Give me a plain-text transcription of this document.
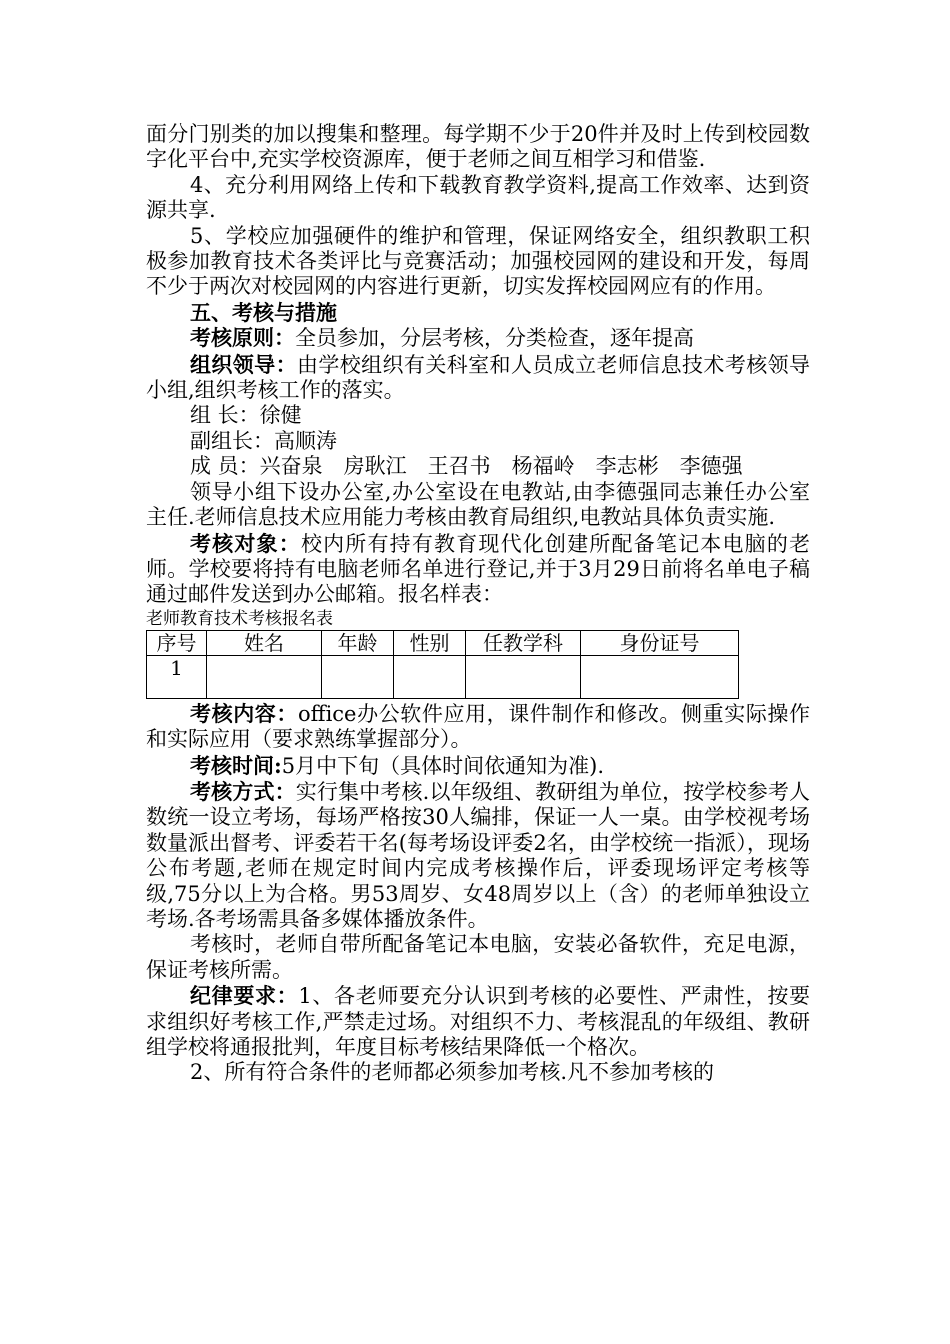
面分门别类的加以搜集和整理。每学期不少于20件并及时上传到校园数字化平台中,充实学校资源库，便于老师之间互相学习和借鉴.

4、充分利用网络上传和下载教育教学资料,提高工作效率、达到资源共享.

5、学校应加强硬件的维护和管理，保证网络安全，组织教职工积极参加教育技术各类评比与竞赛活动；加强校园网的建设和开发，每周不少于两次对校园网的内容进行更新，切实发挥校园网应有的作用。

五、考核与措施

考核原则：全员参加，分层考核，分类检查，逐年提高

组织领导：由学校组织有关科室和人员成立老师信息技术考核领导小组,组织考核工作的落实。

组 长：徐健

副组长：高顺涛

成 员：兴奋泉　房耿江　王召书　杨福岭　李志彬　李德强

领导小组下设办公室,办公室设在电教站,由李德强同志兼任办公室主任.老师信息技术应用能力考核由教育局组织,电教站具体负责实施.

考核对象：校内所有持有教育现代化创建所配备笔记本电脑的老师。学校要将持有电脑老师名单进行登记,并于3月29日前将名单电子稿通过邮件发送到办公邮箱。报名样表：

老师教育技术考核报名表

序号	姓名	年龄	性别	任教学科	身份证号
1					

考核内容：office办公软件应用，课件制作和修改。侧重实际操作和实际应用（要求熟练掌握部分）。

考核时间:5月中下旬（具体时间依通知为准).

考核方式：实行集中考核.以年级组、教研组为单位，按学校参考人数统一设立考场，每场严格按30人编排，保证一人一桌。由学校视考场数量派出督考、评委若干名(每考场设评委2名，由学校统一指派），现场公布考题,老师在规定时间内完成考核操作后，评委现场评定考核等级,75分以上为合格。男53周岁、女48周岁以上（含）的老师单独设立考场.各考场需具备多媒体播放条件。

考核时，老师自带所配备笔记本电脑，安装必备软件，充足电源，保证考核所需。

纪律要求：1、各老师要充分认识到考核的必要性、严肃性，按要求组织好考核工作,严禁走过场。对组织不力、考核混乱的年级组、教研组学校将通报批判，年度目标考核结果降低一个格次。

2、所有符合条件的老师都必须参加考核.凡不参加考核的
